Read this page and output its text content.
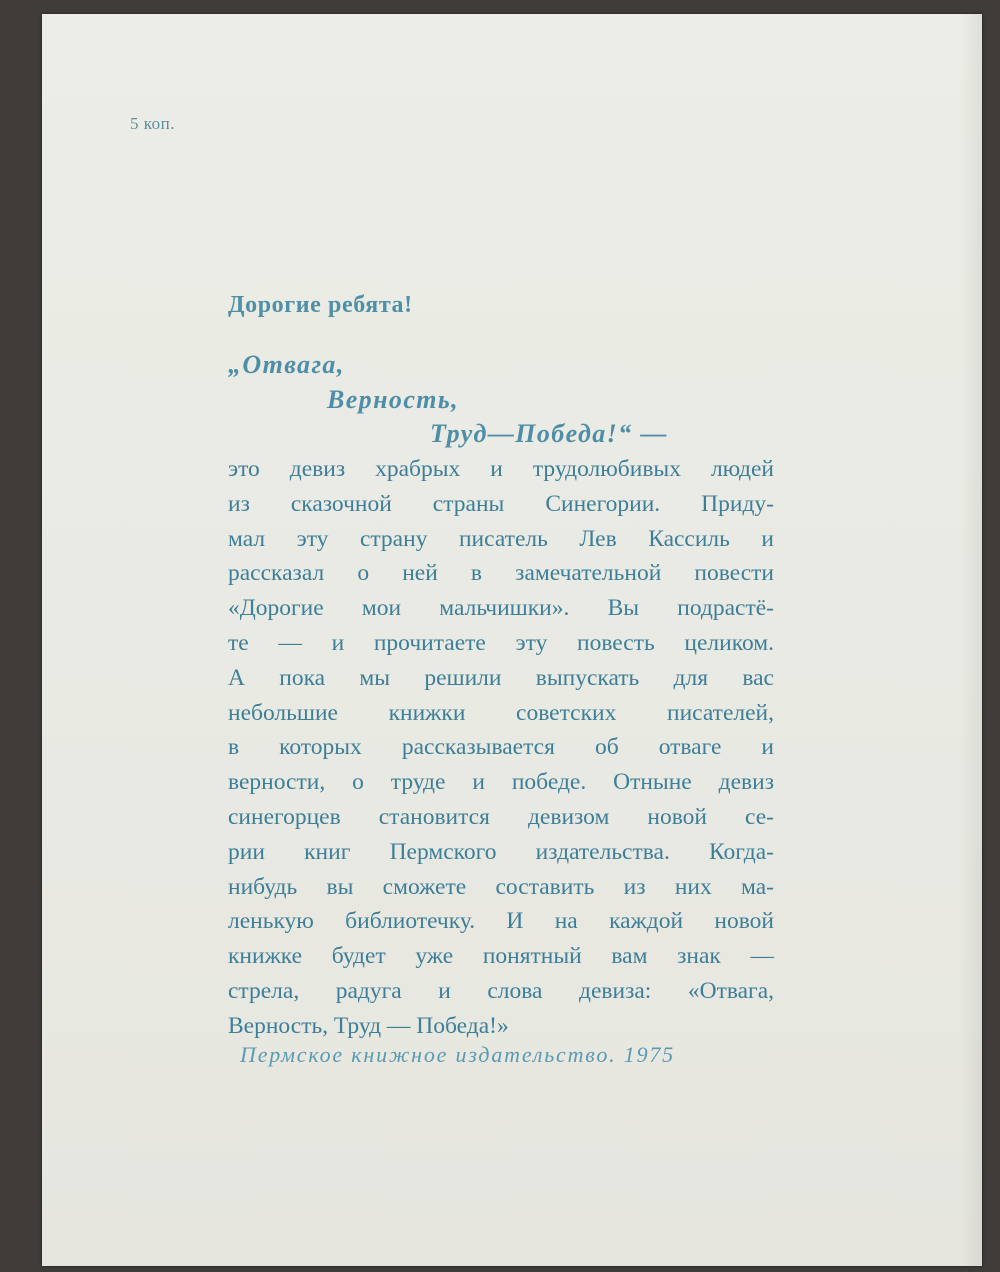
5 коп.
Дорогие ребята!
„Отвага,
Верность,
Труд—Победа!“ —
это девиз храбрых и трудолюбивых людей
из сказочной страны Синегории. Приду-
мал эту страну писатель Лев Кассиль и
рассказал о ней в замечательной повести
«Дорогие мои мальчишки». Вы подрастё-
те — и прочитаете эту повесть целиком.
А пока мы решили выпускать для вас
небольшие книжки советских писателей,
в которых рассказывается об отваге и
верности, о труде и победе. Отныне девиз
синегорцев становится девизом новой се-
рии книг Пермского издательства. Когда-
нибудь вы сможете составить из них ма-
ленькую библиотечку. И на каждой новой
книжке будет уже понятный вам знак —
стрела, радуга и слова девиза: «Отвага,
Верность, Труд — Победа!»
Пермское книжное издательство. 1975
